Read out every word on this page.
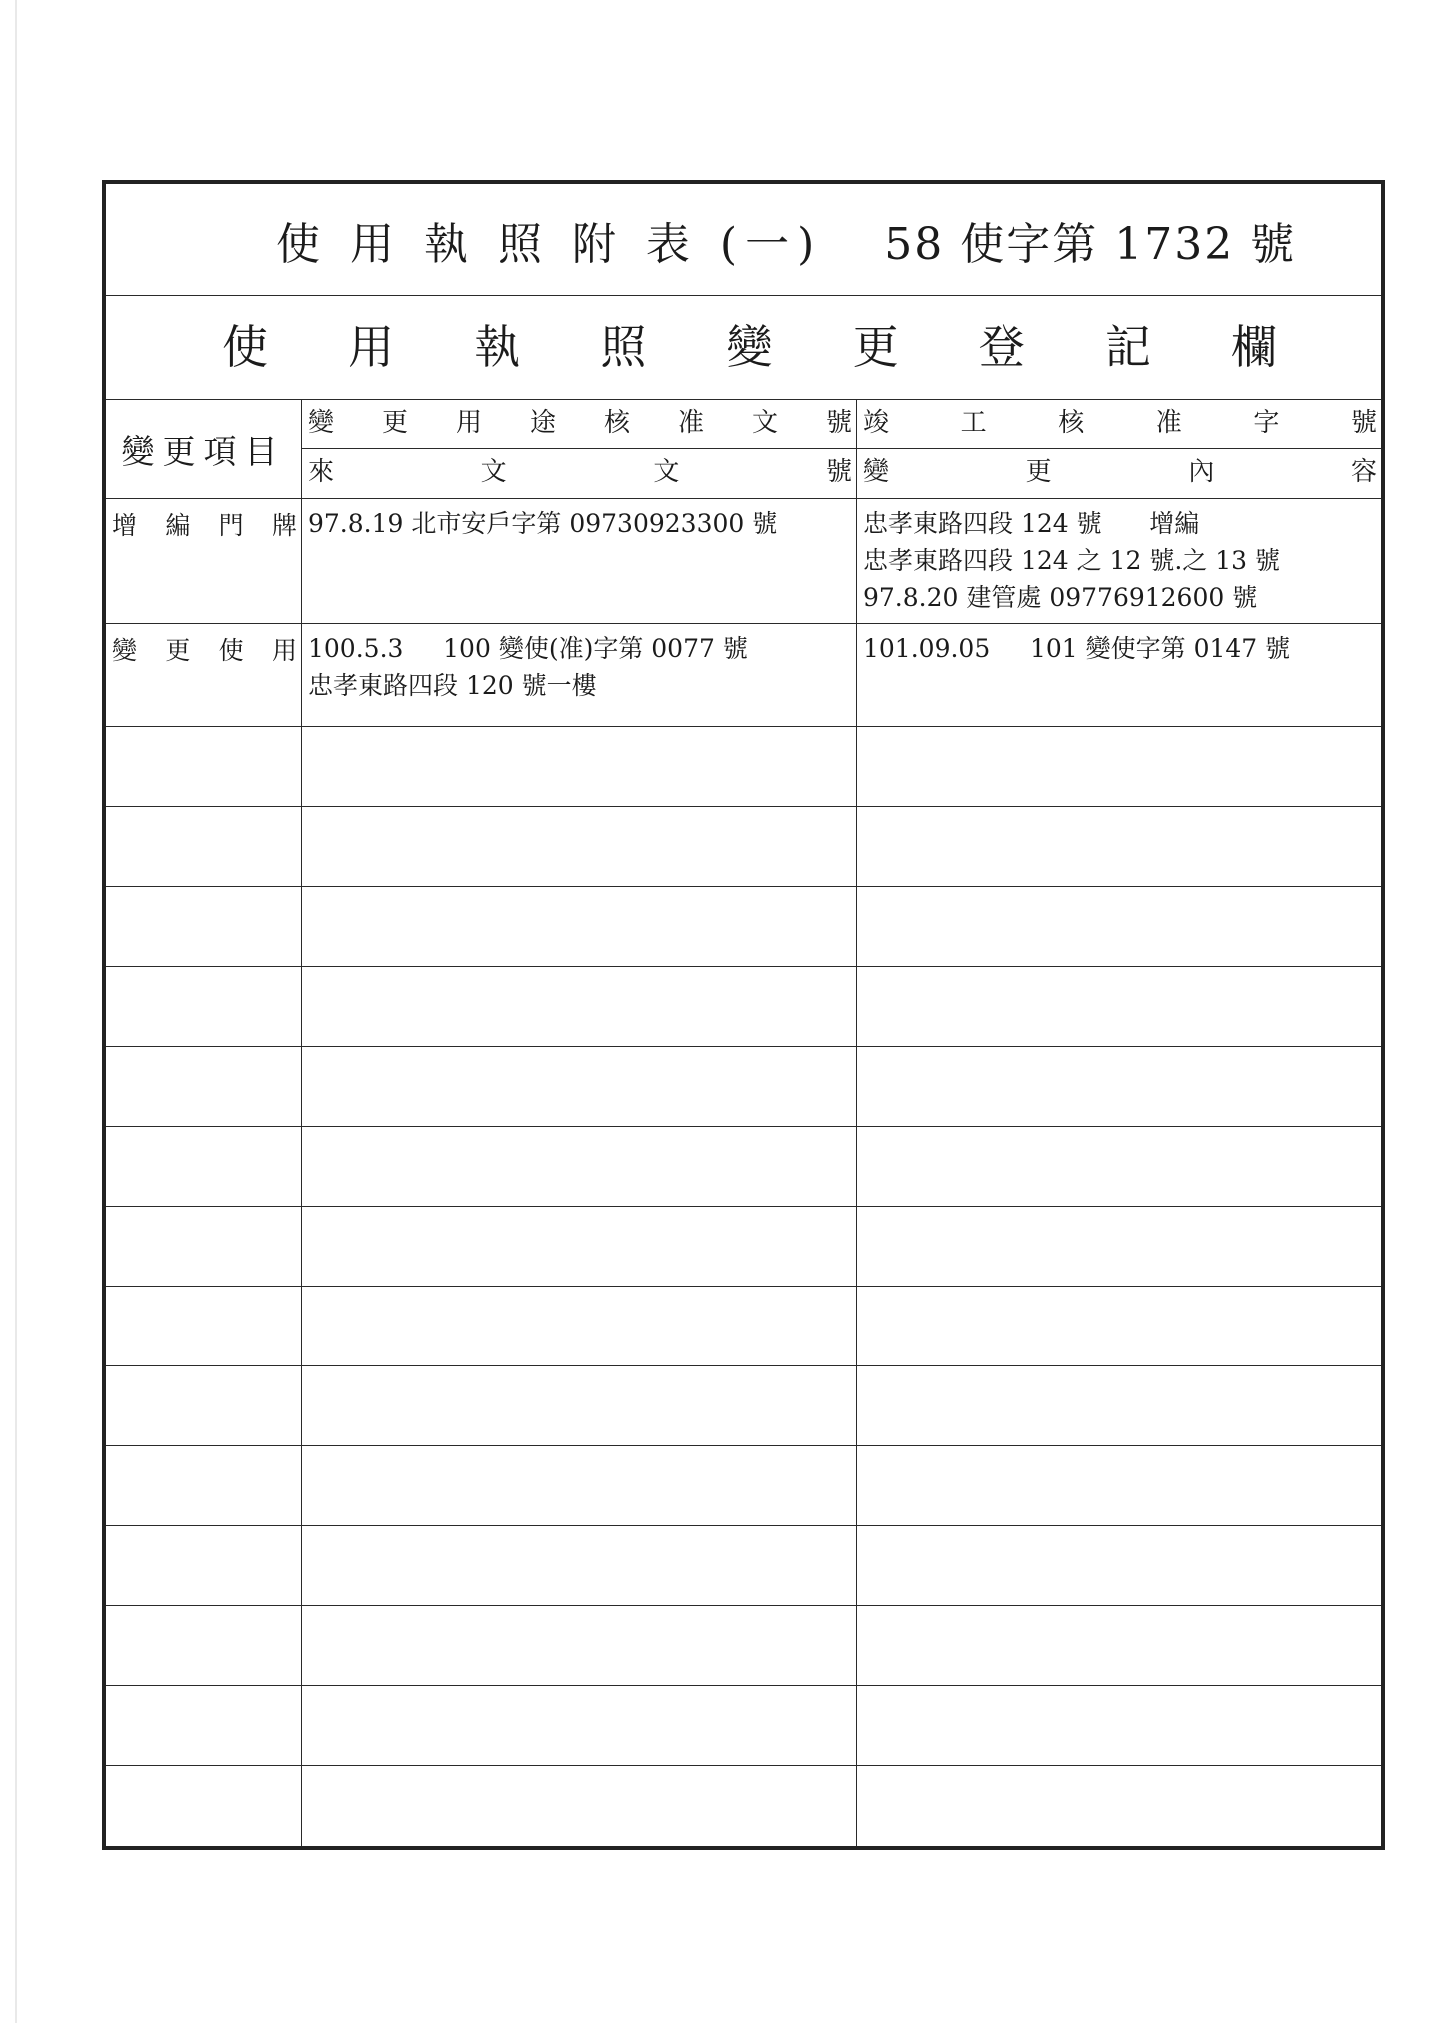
使 用 執 照 附 表 (一) 58 使字第 1732 號
使 用 執 照 變 更 登 記 欄
變更項目
變 更 用 途 核 准 文 號 竣 工 核 准 字 號
來 文 文 號 變 更 內 容
增 編 門 牌 97.8.19 北市安戶字第 09730923300 號	忠孝東路四段 124 號      增編
忠孝東路四段 124 之 12 號.之 13 號
97.8.20 建管處 09776912600 號
變 更 使 用 100.5.3     100 變使(准)字第 0077 號
忠孝東路四段 120 號一樓
101.09.05     101 變使字第 0147 號
